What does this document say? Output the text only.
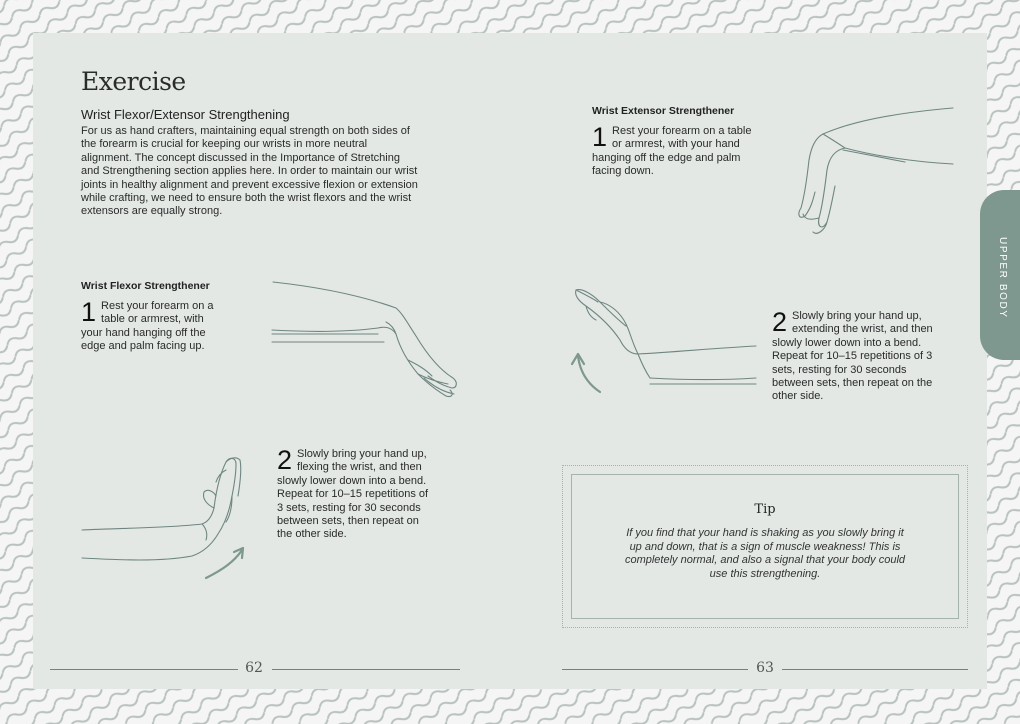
Exercise
Wrist Flexor/Extensor Strengthening
For us as hand crafters, maintaining equal strength on both sides of the forearm is crucial for keeping our wrists in more neutral alignment. The concept discussed in the Importance of Stretching and Strengthening section applies here. In order to maintain our wrist joints in healthy alignment and prevent excessive flexion or extension while crafting, we need to ensure both the wrist flexors and the wrist extensors are equally strong.
Wrist Flexor Strengthener
1 Rest your forearm on a table or armrest, with your hand hanging off the edge and palm facing up.
2 Slowly bring your hand up, flexing the wrist, and then slowly lower down into a bend. Repeat for 10–15 repetitions of 3 sets, resting for 30 seconds between sets, then repeat on the other side.
62
Wrist Extensor Strengthener
1 Rest your forearm on a table or armrest, with your hand hanging off the edge and palm facing down.
2 Slowly bring your hand up, extending the wrist, and then slowly lower down into a bend. Repeat for 10–15 repetitions of 3 sets, resting for 30 seconds between sets, then repeat on the other side.
UPPER BODY
Tip
If you find that your hand is shaking as you slowly bring it up and down, that is a sign of muscle weakness! This is completely normal, and also a signal that your body could use this strengthening.
63
